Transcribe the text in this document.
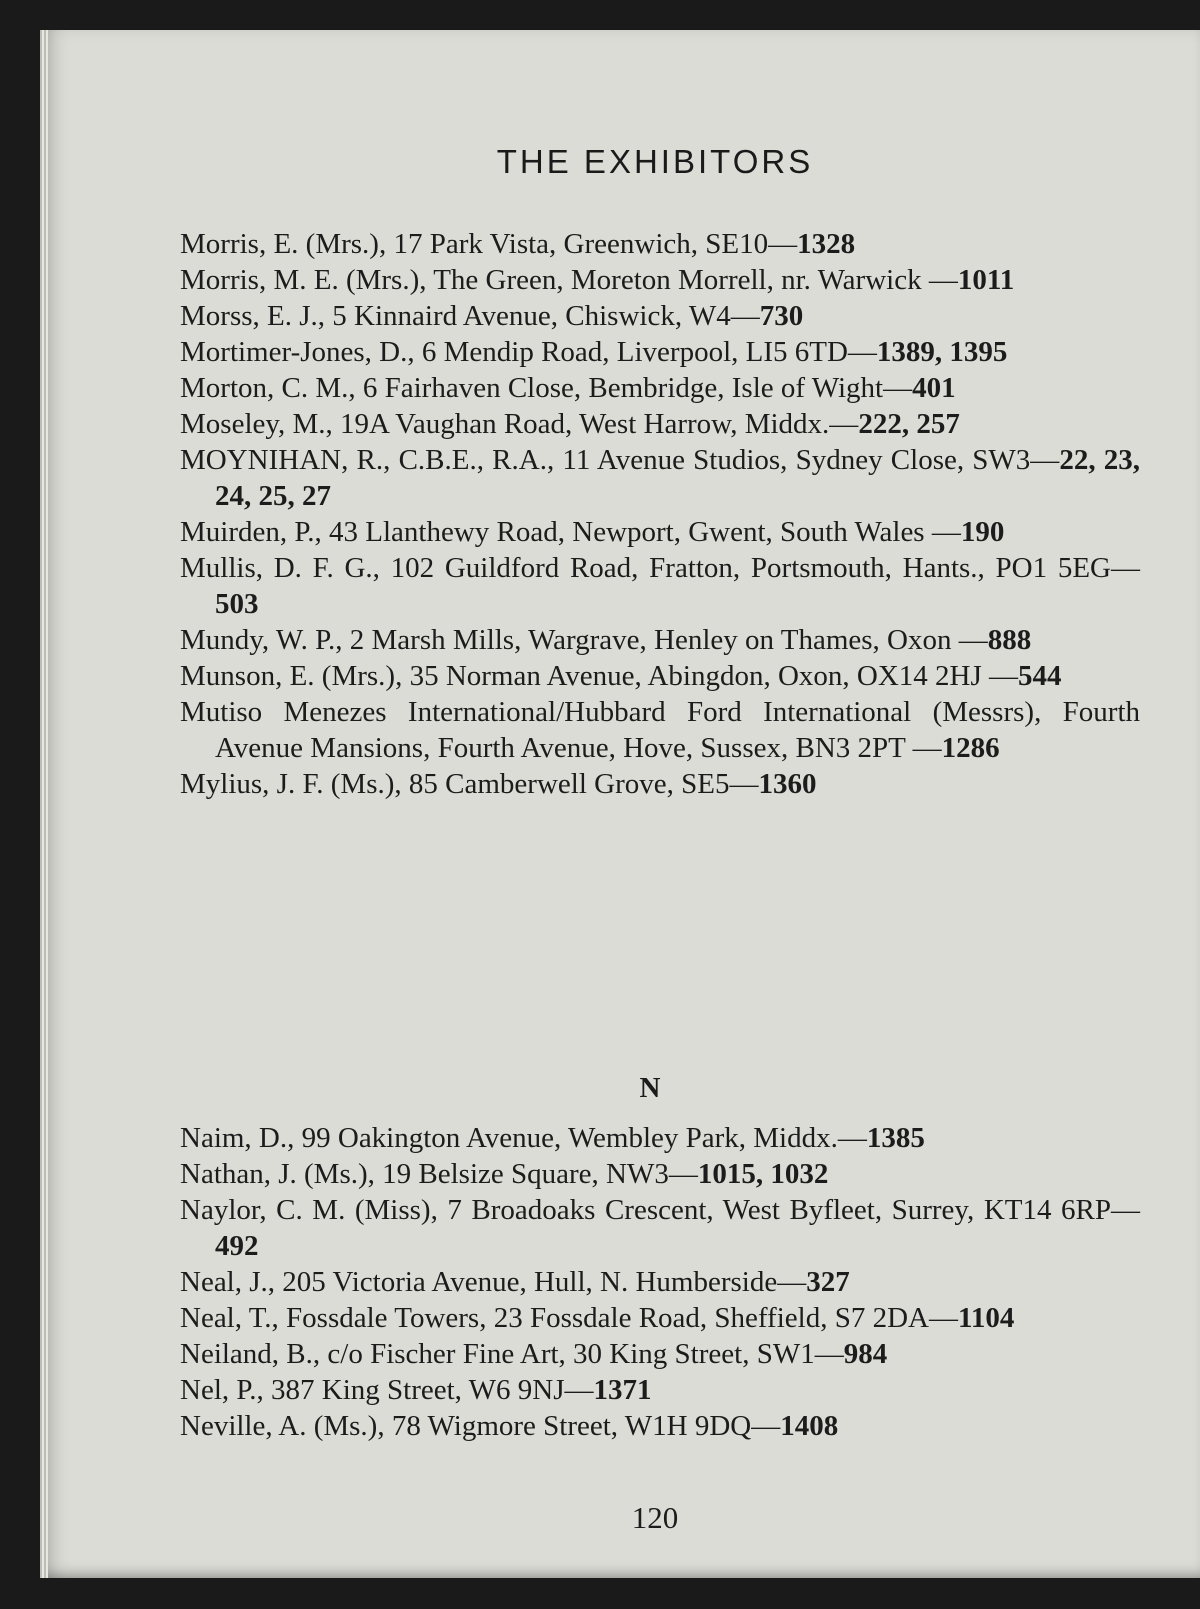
THE EXHIBITORS
Morris, E. (Mrs.), 17 Park Vista, Greenwich, SE10—1328
Morris, M. E. (Mrs.), The Green, Moreton Morrell, nr. Warwick —1011
Morss, E. J., 5 Kinnaird Avenue, Chiswick, W4—730
Mortimer-Jones, D., 6 Mendip Road, Liverpool, LI5 6TD—1389, 1395
Morton, C. M., 6 Fairhaven Close, Bembridge, Isle of Wight—401
Moseley, M., 19A Vaughan Road, West Harrow, Middx.—222, 257
MOYNIHAN, R., C.B.E., R.A., 11 Avenue Studios, Sydney Close, SW3—22, 23, 24, 25, 27
Muirden, P., 43 Llanthewy Road, Newport, Gwent, South Wales —190
Mullis, D. F. G., 102 Guildford Road, Fratton, Portsmouth, Hants., PO1 5EG—503
Mundy, W. P., 2 Marsh Mills, Wargrave, Henley on Thames, Oxon —888
Munson, E. (Mrs.), 35 Norman Avenue, Abingdon, Oxon, OX14 2HJ —544
Mutiso Menezes International/Hubbard Ford International (Messrs), Fourth Avenue Mansions, Fourth Avenue, Hove, Sussex, BN3 2PT —1286
Mylius, J. F. (Ms.), 85 Camberwell Grove, SE5—1360
N
Naim, D., 99 Oakington Avenue, Wembley Park, Middx.—1385
Nathan, J. (Ms.), 19 Belsize Square, NW3—1015, 1032
Naylor, C. M. (Miss), 7 Broadoaks Crescent, West Byfleet, Surrey, KT14 6RP—492
Neal, J., 205 Victoria Avenue, Hull, N. Humberside—327
Neal, T., Fossdale Towers, 23 Fossdale Road, Sheffield, S7 2DA—1104
Neiland, B., c/o Fischer Fine Art, 30 King Street, SW1—984
Nel, P., 387 King Street, W6 9NJ—1371
Neville, A. (Ms.), 78 Wigmore Street, W1H 9DQ—1408
120
